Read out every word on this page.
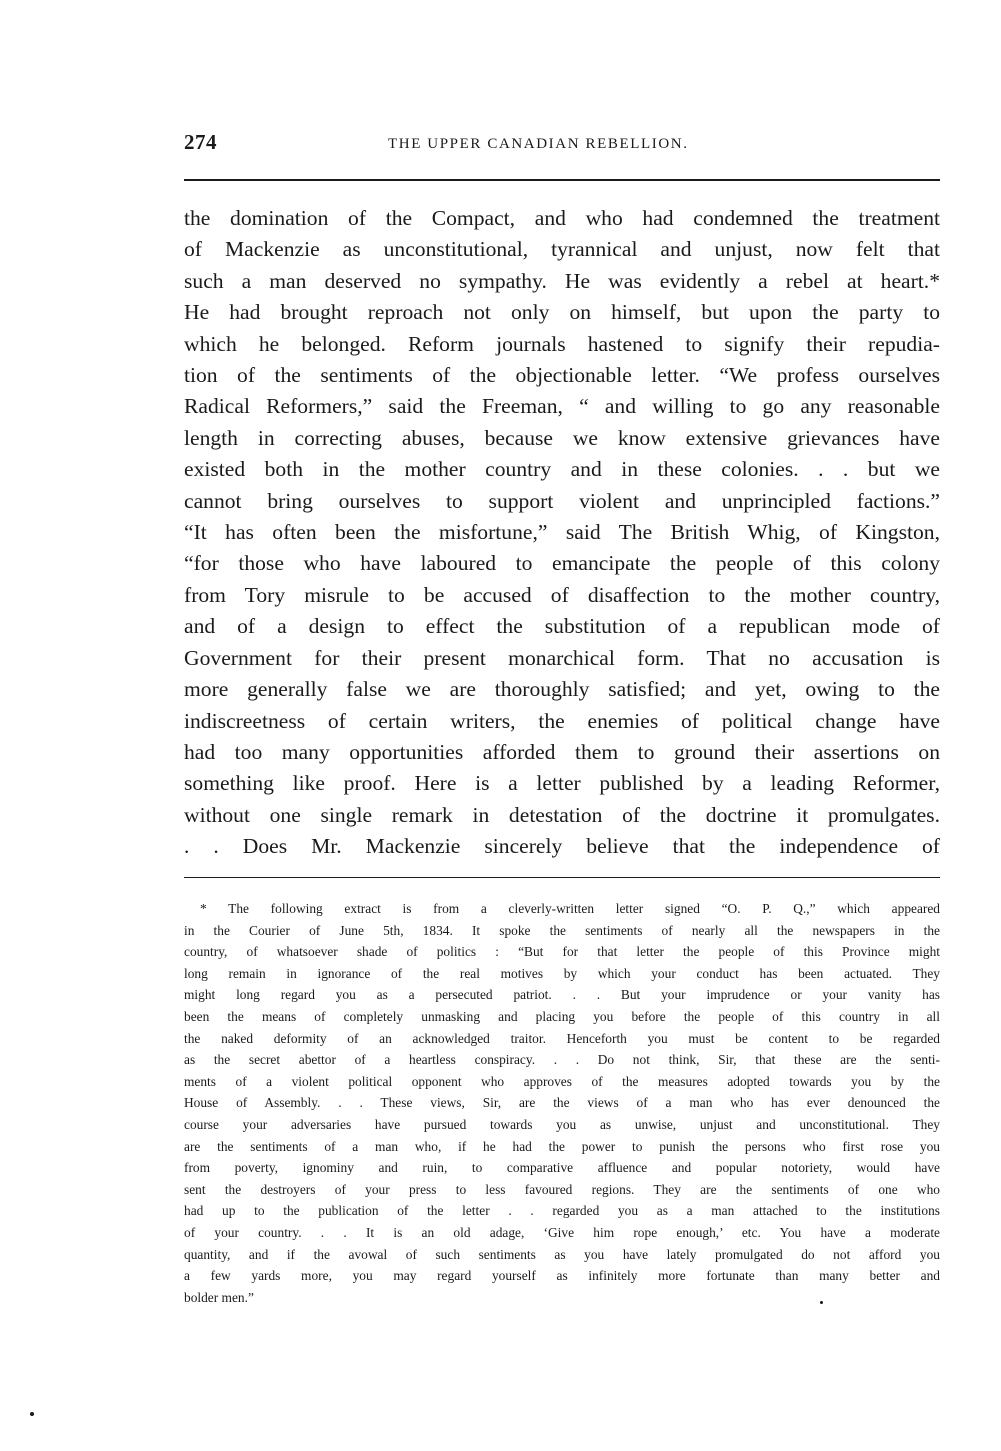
274	THE UPPER CANADIAN REBELLION.
the domination of the Compact, and who had condemned the treatment
of Mackenzie as unconstitutional, tyrannical and unjust, now felt that
such a man deserved no sympathy. He was evidently a rebel at heart.*
He had brought reproach not only on himself, but upon the party to
which he belonged. Reform journals hastened to signify their repudia-
tion of the sentiments of the objectionable letter. “We profess ourselves
Radical Reformers,” said the Freeman, “ and willing to go any reasonable
length in correcting abuses, because we know extensive grievances have
existed both in the mother country and in these colonies. . . but we
cannot bring ourselves to support violent and unprincipled factions.”
“It has often been the misfortune,” said The British Whig, of Kingston,
“for those who have laboured to emancipate the people of this colony
from Tory misrule to be accused of disaffection to the mother country,
and of a design to effect the substitution of a republican mode of
Government for their present monarchical form. That no accusation is
more generally false we are thoroughly satisfied; and yet, owing to the
indiscreetness of certain writers, the enemies of political change have
had too many opportunities afforded them to ground their assertions on
something like proof. Here is a letter published by a leading Reformer,
without one single remark in detestation of the doctrine it promulgates.
. . Does Mr. Mackenzie sincerely believe that the independence of
* The following extract is from a cleverly-written letter signed “O. P. Q.,” which appeared
in the Courier of June 5th, 1834. It spoke the sentiments of nearly all the newspapers in the
country, of whatsoever shade of politics : “But for that letter the people of this Province might
long remain in ignorance of the real motives by which your conduct has been actuated. They
might long regard you as a persecuted patriot. . . But your imprudence or your vanity has
been the means of completely unmasking and placing you before the people of this country in all
the naked deformity of an acknowledged traitor. Henceforth you must be content to be regarded
as the secret abettor of a heartless conspiracy. . . Do not think, Sir, that these are the senti-
ments of a violent political opponent who approves of the measures adopted towards you by the
House of Assembly. . . These views, Sir, are the views of a man who has ever denounced the
course your adversaries have pursued towards you as unwise, unjust and unconstitutional. They
are the sentiments of a man who, if he had the power to punish the persons who first rose you
from poverty, ignominy and ruin, to comparative affluence and popular notoriety, would have
sent the destroyers of your press to less favoured regions. They are the sentiments of one who
had up to the publication of the letter . . regarded you as a man attached to the institutions
of your country. . . It is an old adage, ‘Give him rope enough,’ etc. You have a moderate
quantity, and if the avowal of such sentiments as you have lately promulgated do not afford you
a few yards more, you may regard yourself as infinitely more fortunate than many better and
bolder men.”
